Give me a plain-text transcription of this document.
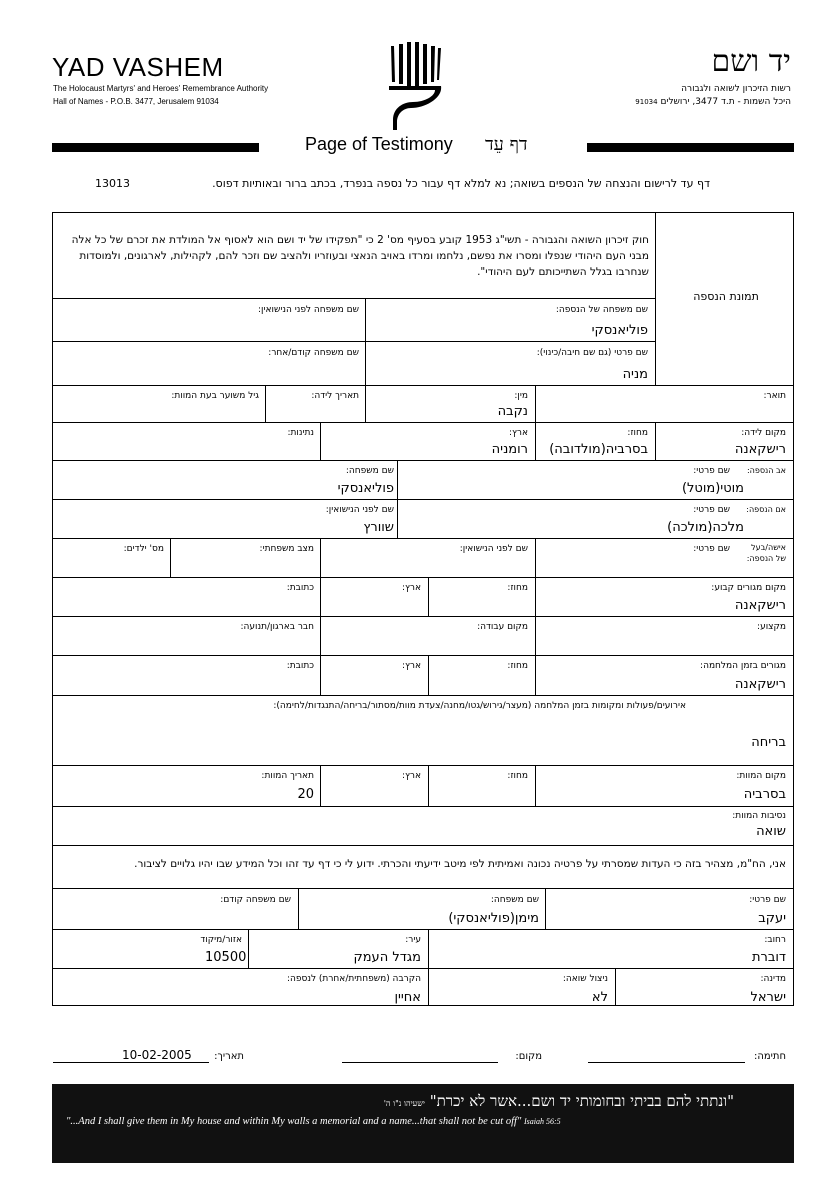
YAD VASHEM
The Holocaust Martyrs' and Heroes' Remembrance Authority
Hall of Names - P.O.B. 3477, Jerusalem 91034
יד ושם
רשות הזיכרון לשואה ולגבורה
היכל השמות - ת.ד 3477, ירושלים 91034
Page of Testimony דף עֵד
13013	דף עד לרישום והנצחה של הנספים בשואה; נא למלא דף עבור כל נספה בנפרד, בכתב ברור ובאותיות דפוס.
תמונת הנספה
חוק זיכרון השואה והגבורה - תשי"ג 1953 קובע בסעיף מס' 2 כי "תפקידו של יד ושם הוא לאסוף אל המולדת את זכרם של כל אלה מבני העם היהודי שנפלו ומסרו את נפשם, נלחמו ומרדו באויב הנאצי ובעוזריו ולהציב שם וזכר להם, לקהילות, לארגונים, ולמוסדות שנחרבו בגלל השתייכותם לעם היהודי".
שם משפחה של הנספה:
פוליאנסקי
שם משפחה לפני הנישואין:
שם פרטי (גם שם חיבה/כינוי):
מניה
שם משפחה קודם/אחר:
תואר:
מין:
נקבה
תאריך לידה:
גיל משוער בעת המוות:
מקום לידה:
רישקאנה
מחוז:
בסרביה(מולדובה)
ארץ:
רומניה
נתינות:
אב הנספה:
שם פרטי:
מוטי(מוטל)
שם משפחה:
פוליאנסקי
אם הנספה:
שם פרטי:
מלכה(מולכה)
שם לפני הנישואין:
שוורץ
אישה/בעל
של הנספה:
שם פרטי:
שם לפני הנישואין:
מצב משפחתי:
מס' ילדים:
מקום מגורים קבוע:
רישקאנה
מחוז:
ארץ:
כתובת:
מקצוע:
מקום עבודה:
חבר בארגון/תנועה:
מגורים בזמן המלחמה:
רישקאנה
מחוז:
ארץ:
כתובת:
אירועים/פעולות ומקומות בזמן המלחמה (מעצר/גירוש/גטו/מחנה/צעדת מוות/מסתור/בריחה/התנגדות/לחימה):
בריחה
מקום המוות:
בסרביה
מחוז:
ארץ:
תאריך המוות:
20
נסיבות המוות:
שואה
אני, הח"מ, מצהיר בזה כי העדות שמסרתי על פרטיה נכונה ואמיתית לפי מיטב ידיעתי והכרתי. ידוע לי כי דף עד זהו וכל המידע שבו יהיו גלויים לציבור.
שם פרטי:
יעקב
שם משפחה:
מימן(פוליאנסקי)
שם משפחה קודם:
רחוב:
דוברת
עיר:
מגדל העמק
אזור/מיקוד
10500
מדינה:
ישראל
ניצול שואה:
לא
הקרבה (משפחתית/אחרת) לנספה:
אחיין
חתימה:
מקום:
תאריך:
10-02-2005
"ונתתי להם בביתי ובחומותי יד ושם...אשר לא יכרת" ישעיהו נ"ו ה'
"...And I shall give them in My house and within My walls a memorial and a name...that shall not be cut off" Isaiah 56:5
